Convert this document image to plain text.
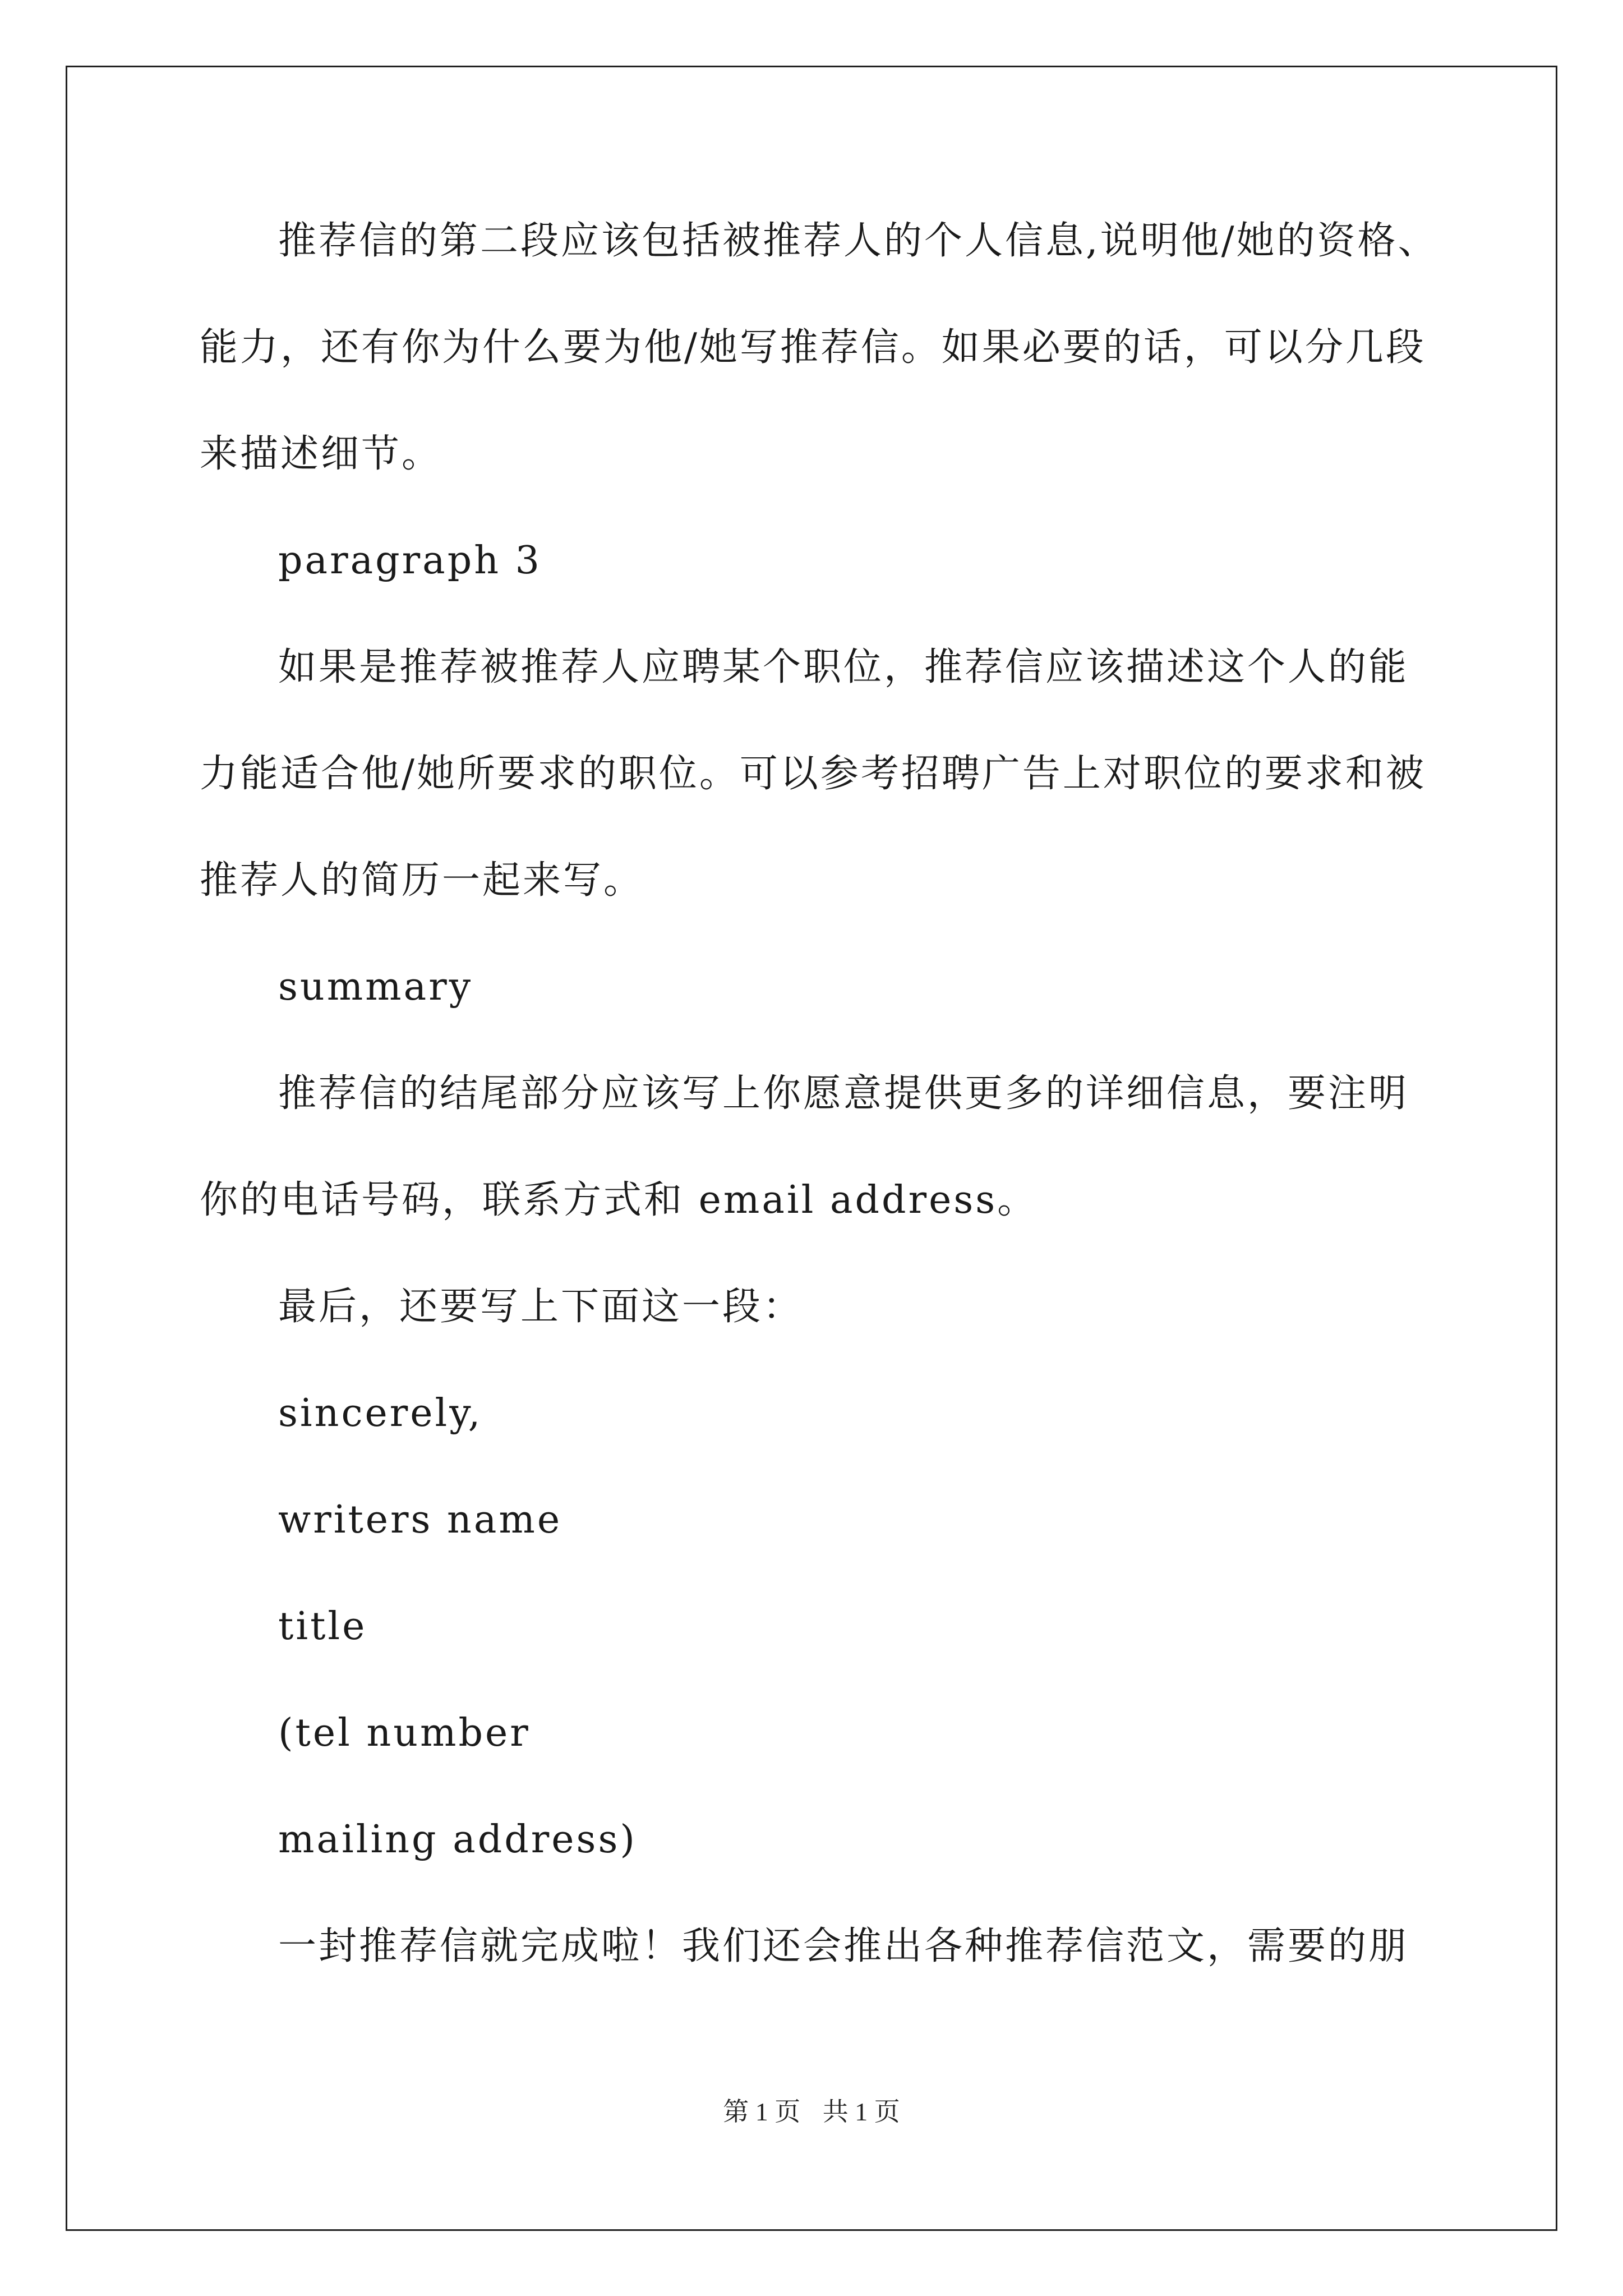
推荐信的第二段应该包括被推荐人的个人信息,说明他/她的资格、
能力，还有你为什么要为他/她写推荐信。如果必要的话，可以分几段
来描述细节。
paragraph 3
如果是推荐被推荐人应聘某个职位，推荐信应该描述这个人的能
力能适合他/她所要求的职位。可以参考招聘广告上对职位的要求和被
推荐人的简历一起来写。
summary
推荐信的结尾部分应该写上你愿意提供更多的详细信息，要注明
你的电话号码，联系方式和 email address。
最后，还要写上下面这一段：
sincerely,
writers name
title
(tel number
mailing address)
一封推荐信就完成啦！我们还会推出各种推荐信范文，需要的朋
第 1 页 共 1 页
